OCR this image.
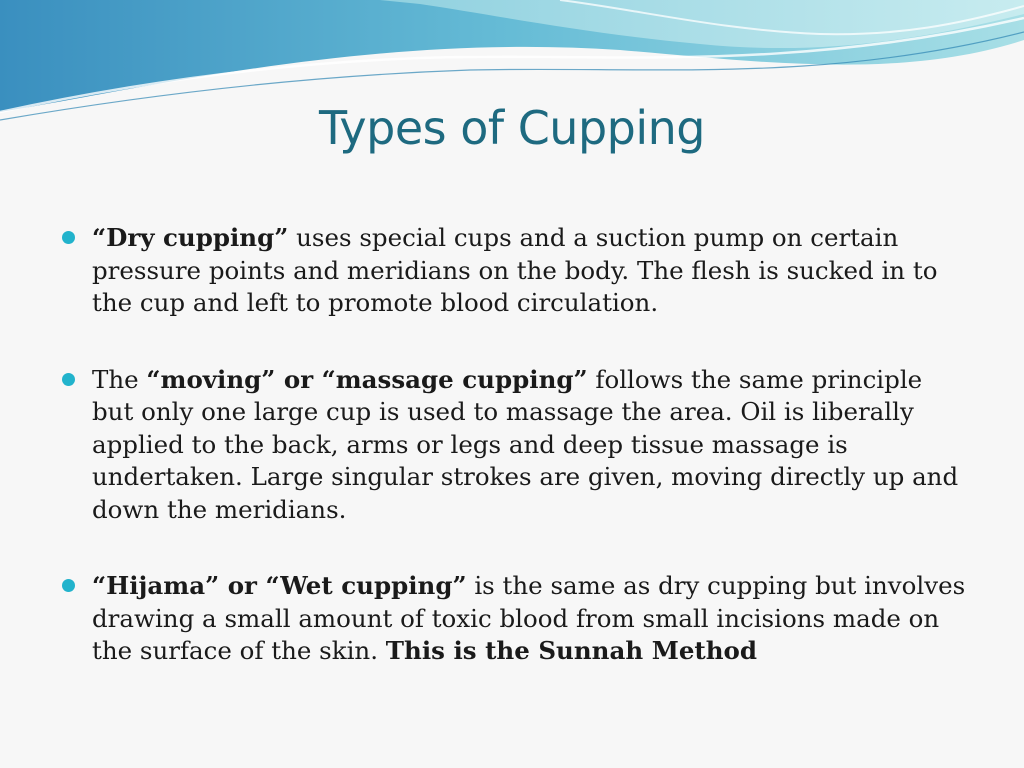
Types of Cupping
“Dry cupping” uses special cups and a suction pump on certain pressure points and meridians on the body. The flesh is sucked in to the cup and left to promote blood circulation.
The “moving” or “massage cupping” follows the same principle but only one large cup is used to massage the area. Oil is liberally applied to the back, arms or legs and deep tissue massage is undertaken. Large singular strokes are given, moving directly up and down the meridians.
“Hijama” or “Wet cupping” is the same as dry cupping but involves drawing a small amount of toxic blood from small incisions made on the surface of the skin. This is the Sunnah Method
